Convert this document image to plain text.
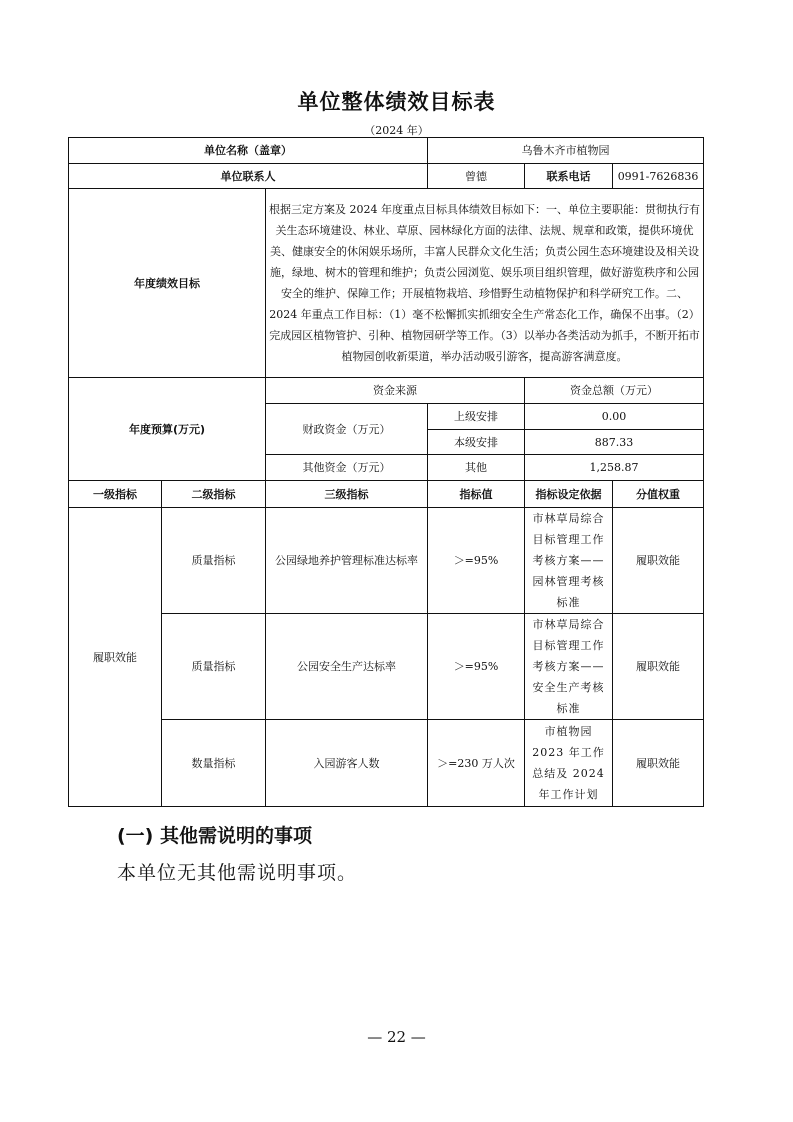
单位整体绩效目标表
（2024 年）
单位名称（盖章）			乌鲁木齐市植物园		
单位联系人			曾德	联系电话	0991-7626836
年度绩效目标		根据三定方案及 2024 年度重点目标具体绩效目标如下：一、单位主要职能：贯彻执行有关生态环境建设、林业、草原、园林绿化方面的法律、法规、规章和政策，提供环境优美、健康安全的休闲娱乐场所，丰富人民群众文化生活；负责公园生态环境建设及相关设施，绿地、树木的管理和维护；负责公园浏览、娱乐项目组织管理，做好游览秩序和公园安全的维护、保障工作；开展植物栽培、珍惜野生动植物保护和科学研究工作。二、2024 年重点工作目标：（1）毫不松懈抓实抓细安全生产常态化工作，确保不出事。（2）完成园区植物管护、引种、植物园研学等工作。（3）以举办各类活动为抓手，不断开拓市植物园创收新渠道，举办活动吸引游客，提高游客满意度。			
年度预算(万元)		资金来源		资金总额（万元）	
		财政资金（万元）	上级安排	0.00	
			本级安排	887.33	
		其他资金（万元）	其他	1,258.87	
一级指标	二级指标	三级指标	指标值	指标设定依据	分值权重
履职效能	质量指标	公园绿地养护管理标准达标率	＞=95%	市林草局综合目标管理工作考核方案——园林管理考核标准	履职效能
	质量指标	公园安全生产达标率	＞=95%	市林草局综合目标管理工作考核方案——安全生产考核标准	履职效能
	数量指标	入园游客人数	＞=230 万人次	市植物园 2023 年工作总结及 2024 年工作计划	履职效能
(一) 其他需说明的事项
本单位无其他需说明事项。
— 22 —
